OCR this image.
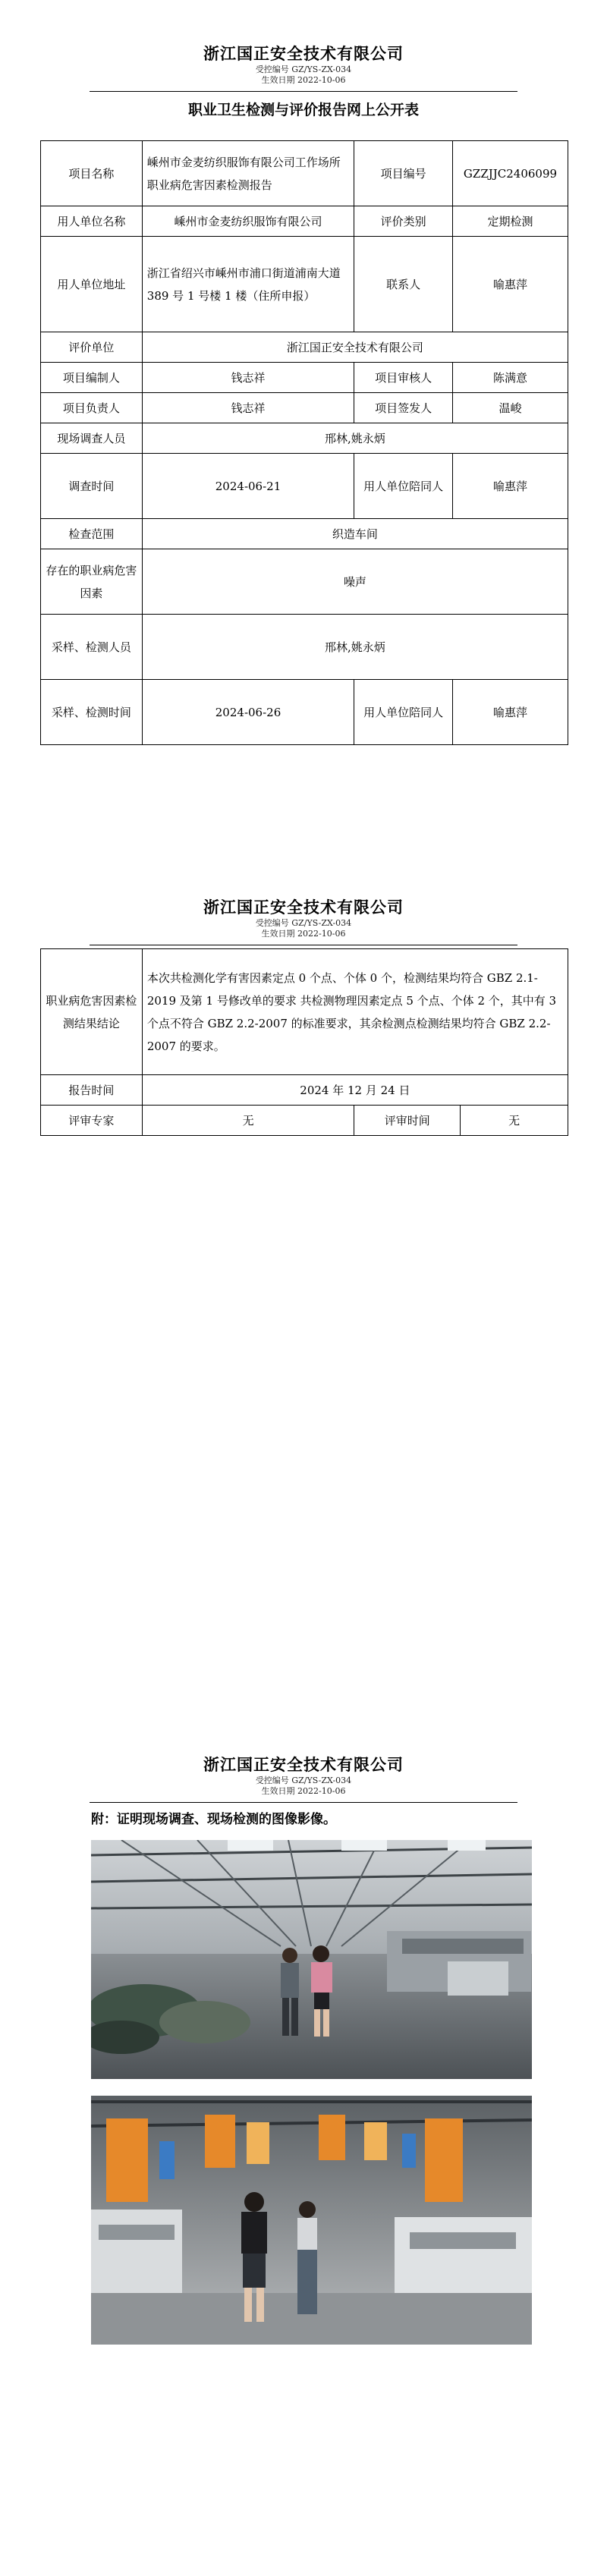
浙江国正安全技术有限公司
受控编号 GZ/YS-ZX-034
生效日期 2022-10-06
职业卫生检测与评价报告网上公开表
项目名称	嵊州市金麦纺织服饰有限公司工作场所职业病危害因素检测报告	项目编号	GZZJJC2406099
用人单位名称	嵊州市金麦纺织服饰有限公司	评价类别	定期检测
用人单位地址	浙江省绍兴市嵊州市浦口街道浦南大道 389 号 1 号楼 1 楼（住所申报）	联系人	喻惠萍
评价单位	浙江国正安全技术有限公司		
项目编制人	钱志祥	项目审核人	陈满意
项目负责人	钱志祥	项目签发人	温峻
现场调查人员	邢林,姚永炳		
调查时间	2024-06-21	用人单位陪同人	喻惠萍
检查范围	织造车间		
存在的职业病危害因素	噪声		
采样、检测人员	邢林,姚永炳		
采样、检测时间	2024-06-26	用人单位陪同人	喻惠萍
浙江国正安全技术有限公司
受控编号 GZ/YS-ZX-034
生效日期 2022-10-06
职业病危害因素检测结果结论	本次共检测化学有害因素定点 0 个点、个体 0 个，检测结果均符合 GBZ 2.1-2019 及第 1 号修改单的要求 共检测物理因素定点 5 个点、个体 2 个，其中有 3 个点不符合 GBZ 2.2-2007 的标准要求，其余检测点检测结果均符合 GBZ 2.2-2007 的要求。		
报告时间	2024 年 12 月 24 日		
评审专家	无	评审时间	无
浙江国正安全技术有限公司
受控编号 GZ/YS-ZX-034
生效日期 2022-10-06
附：证明现场调查、现场检测的图像影像。
